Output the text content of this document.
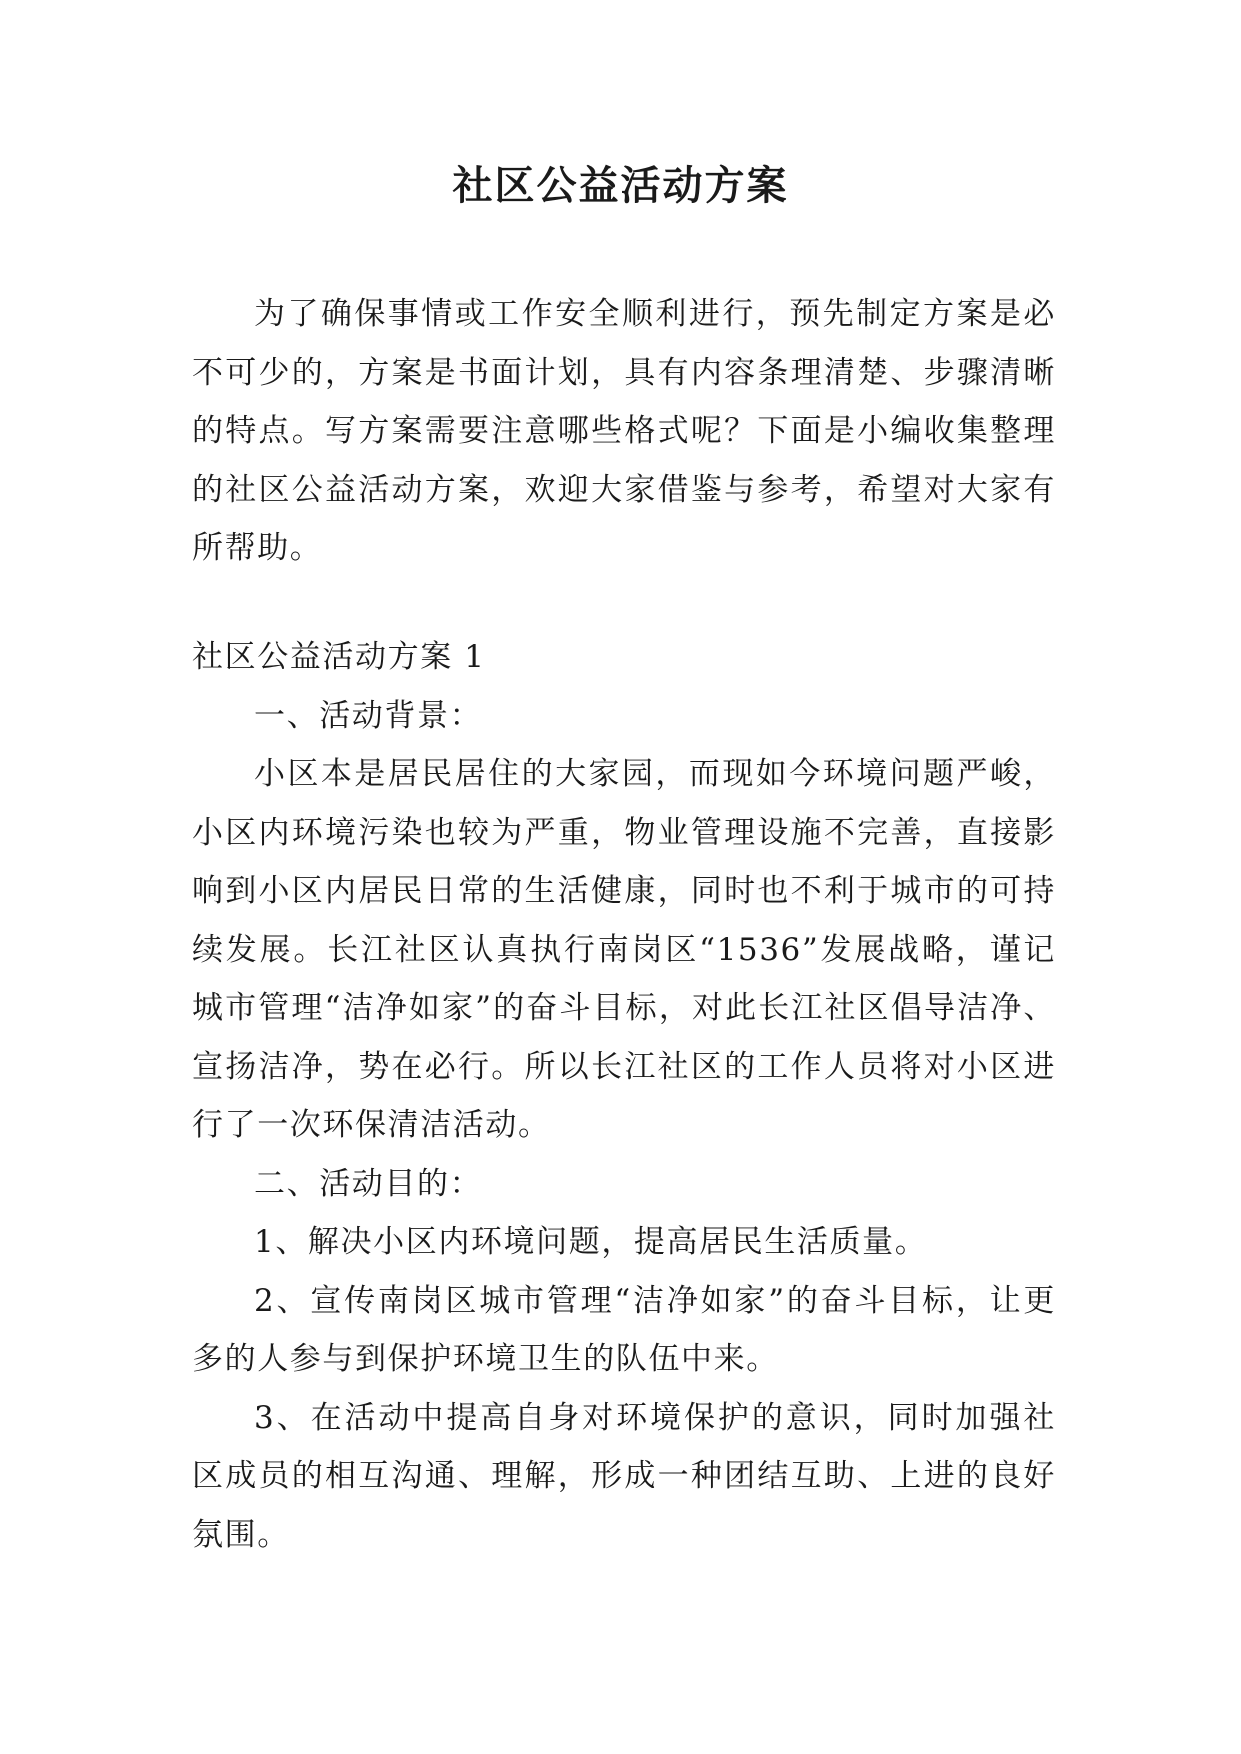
社区公益活动方案

为了确保事情或工作安全顺利进行，预先制定方案是必不可少的，方案是书面计划，具有内容条理清楚、步骤清晰的特点。写方案需要注意哪些格式呢？下面是小编收集整理的社区公益活动方案，欢迎大家借鉴与参考，希望对大家有所帮助。

社区公益活动方案 1

一、活动背景：

小区本是居民居住的大家园，而现如今环境问题严峻，小区内环境污染也较为严重，物业管理设施不完善，直接影响到小区内居民日常的生活健康，同时也不利于城市的可持续发展。长江社区认真执行南岗区“1536”发展战略，谨记城市管理“洁净如家”的奋斗目标，对此长江社区倡导洁净、宣扬洁净，势在必行。所以长江社区的工作人员将对小区进行了一次环保清洁活动。

二、活动目的：

1、解决小区内环境问题，提高居民生活质量。

2、宣传南岗区城市管理“洁净如家”的奋斗目标，让更多的人参与到保护环境卫生的队伍中来。

3、在活动中提高自身对环境保护的意识，同时加强社区成员的相互沟通、理解，形成一种团结互助、上进的良好氛围。
